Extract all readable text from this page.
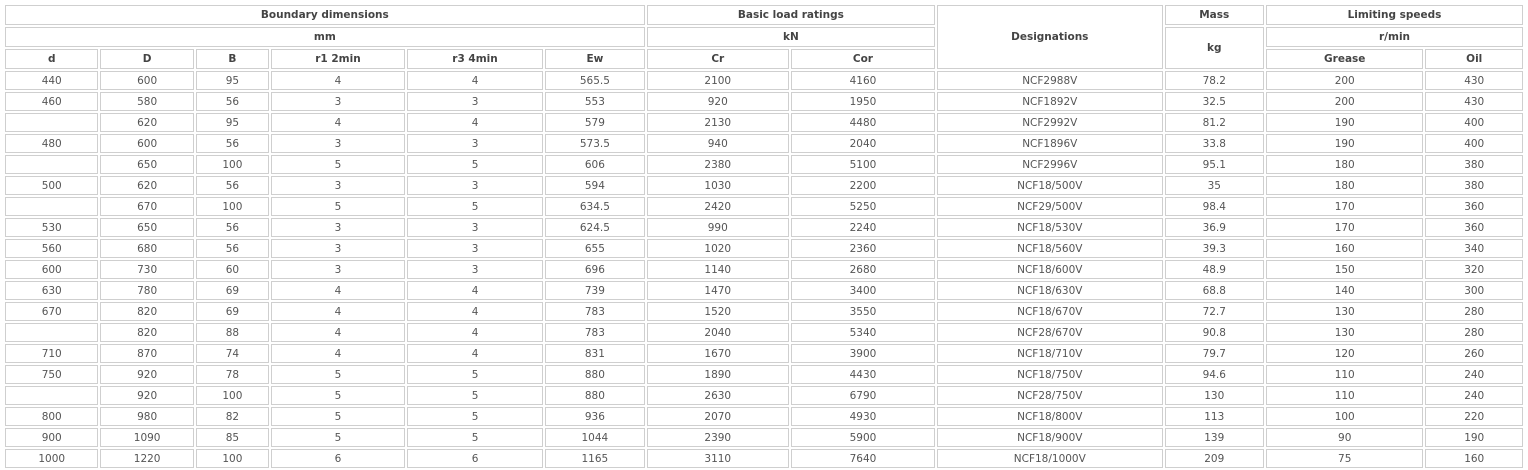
Boundary dimensions						Basic load ratings		Designations	Mass	Limiting speeds	
mm						kN			kg	r/min	
d	D	B	r1 2min	r3 4min	Ew	Cr	Cor			Grease	Oil
440	600	95	4	4	565.5	2100	4160	NCF2988V	78.2	200	430
460	580	56	3	3	553	920	1950	NCF1892V	32.5	200	430
	620	95	4	4	579	2130	4480	NCF2992V	81.2	190	400
480	600	56	3	3	573.5	940	2040	NCF1896V	33.8	190	400
	650	100	5	5	606	2380	5100	NCF2996V	95.1	180	380
500	620	56	3	3	594	1030	2200	NCF18/500V	35	180	380
	670	100	5	5	634.5	2420	5250	NCF29/500V	98.4	170	360
530	650	56	3	3	624.5	990	2240	NCF18/530V	36.9	170	360
560	680	56	3	3	655	1020	2360	NCF18/560V	39.3	160	340
600	730	60	3	3	696	1140	2680	NCF18/600V	48.9	150	320
630	780	69	4	4	739	1470	3400	NCF18/630V	68.8	140	300
670	820	69	4	4	783	1520	3550	NCF18/670V	72.7	130	280
	820	88	4	4	783	2040	5340	NCF28/670V	90.8	130	280
710	870	74	4	4	831	1670	3900	NCF18/710V	79.7	120	260
750	920	78	5	5	880	1890	4430	NCF18/750V	94.6	110	240
	920	100	5	5	880	2630	6790	NCF28/750V	130	110	240
800	980	82	5	5	936	2070	4930	NCF18/800V	113	100	220
900	1090	85	5	5	1044	2390	5900	NCF18/900V	139	90	190
1000	1220	100	6	6	1165	3110	7640	NCF18/1000V	209	75	160
